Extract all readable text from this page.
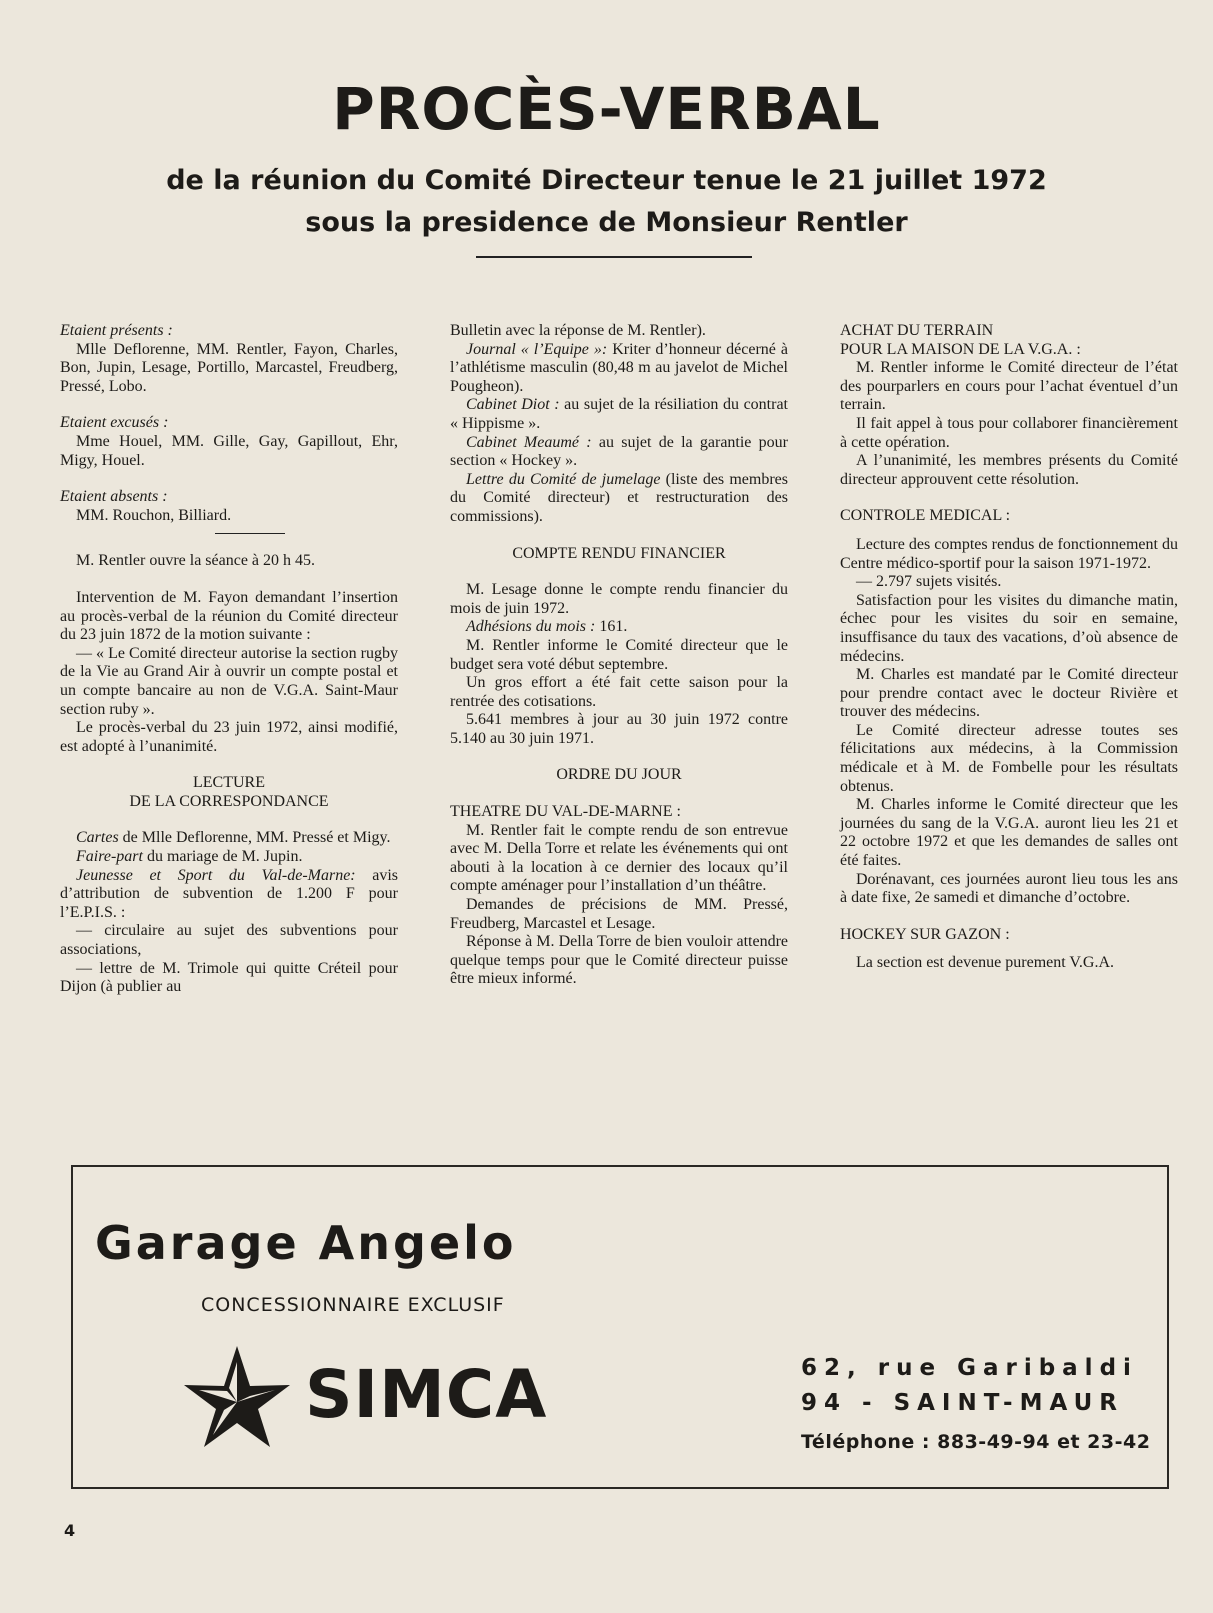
PROCÈS-VERBAL
de la réunion du Comité Directeur tenue le 21 juillet 1972
sous la presidence de Monsieur Rentler

Etaient présents :

Mlle Deflorenne, MM. Rentler, Fayon, Charles, Bon, Jupin, Lesage, Portillo, Marcastel, Freudberg, Pressé, Lobo.

Etaient excusés :

Mme Houel, MM. Gille, Gay, Gapillout, Ehr, Migy, Houel.

Etaient absents :

MM. Rouchon, Billiard.

M. Rentler ouvre la séance à 20 h 45.

Intervention de M. Fayon demandant l’insertion au procès-verbal de la réunion du Comité directeur du 23 juin 1872 de la motion suivante :

— « Le Comité directeur autorise la section rugby de la Vie au Grand Air à ouvrir un compte postal et un compte bancaire au non de V.G.A. Saint-Maur section ruby ».

Le procès-verbal du 23 juin 1972, ainsi modifié, est adopté à l’unanimité.

LECTURE

DE LA CORRESPONDANCE

Cartes de Mlle Deflorenne, MM. Pressé et Migy.

Faire-part du mariage de M. Jupin.

Jeunesse et Sport du Val-de-Marne: avis d’attribution de subvention de 1.200 F pour l’E.P.I.S. :

— circulaire au sujet des subventions pour associations,

— lettre de M. Trimole qui quitte Créteil pour Dijon (à publier au

Bulletin avec la réponse de M. Rentler).

Journal « l’Equipe »: Kriter d’honneur décerné à l’athlétisme masculin (80,48 m au javelot de Michel Pougheon).

Cabinet Diot : au sujet de la résiliation du contrat « Hippisme ».

Cabinet Meaumé : au sujet de la garantie pour section « Hockey ».

Lettre du Comité de jumelage (liste des membres du Comité directeur) et restructuration des commissions).

COMPTE RENDU FINANCIER

M. Lesage donne le compte rendu financier du mois de juin 1972.

Adhésions du mois : 161.

M. Rentler informe le Comité directeur que le budget sera voté début septembre.

Un gros effort a été fait cette saison pour la rentrée des cotisations.

5.641 membres à jour au 30 juin 1972 contre 5.140 au 30 juin 1971.

ORDRE DU JOUR

THEATRE DU VAL-DE-MARNE :

M. Rentler fait le compte rendu de son entrevue avec M. Della Torre et relate les événements qui ont abouti à la location à ce dernier des locaux qu’il compte aménager pour l’installation d’un théâtre.

Demandes de précisions de MM. Pressé, Freudberg, Marcastel et Lesage.

Réponse à M. Della Torre de bien vouloir attendre quelque temps pour que le Comité directeur puisse être mieux informé.

ACHAT DU TERRAIN

POUR LA MAISON DE LA V.G.A. :

M. Rentler informe le Comité directeur de l’état des pourparlers en cours pour l’achat éventuel d’un terrain.

Il fait appel à tous pour collaborer financièrement à cette opération.

A l’unanimité, les membres présents du Comité directeur approuvent cette résolution.

CONTROLE MEDICAL :

Lecture des comptes rendus de fonctionnement du Centre médico-sportif pour la saison 1971-1972.

— 2.797 sujets visités.

Satisfaction pour les visites du dimanche matin, échec pour les visites du soir en semaine, insuffisance du taux des vacations, d’où absence de médecins.

M. Charles est mandaté par le Comité directeur pour prendre contact avec le docteur Rivière et trouver des médecins.

Le Comité directeur adresse toutes ses félicitations aux médecins, à la Commission médicale et à M. de Fombelle pour les résultats obtenus.

M. Charles informe le Comité directeur que les journées du sang de la V.G.A. auront lieu les 21 et 22 octobre 1972 et que les demandes de salles ont été faites.

Dorénavant, ces journées auront lieu tous les ans à date fixe, 2e samedi et dimanche d’octobre.

HOCKEY SUR GAZON :

La section est devenue purement V.G.A.

Garage Angelo
CONCESSIONNAIRE EXCLUSIF
SIMCA	62, rue Garibaldi
94 - SAINT-MAUR
Téléphone : 883-49-94 et 23-42
4
